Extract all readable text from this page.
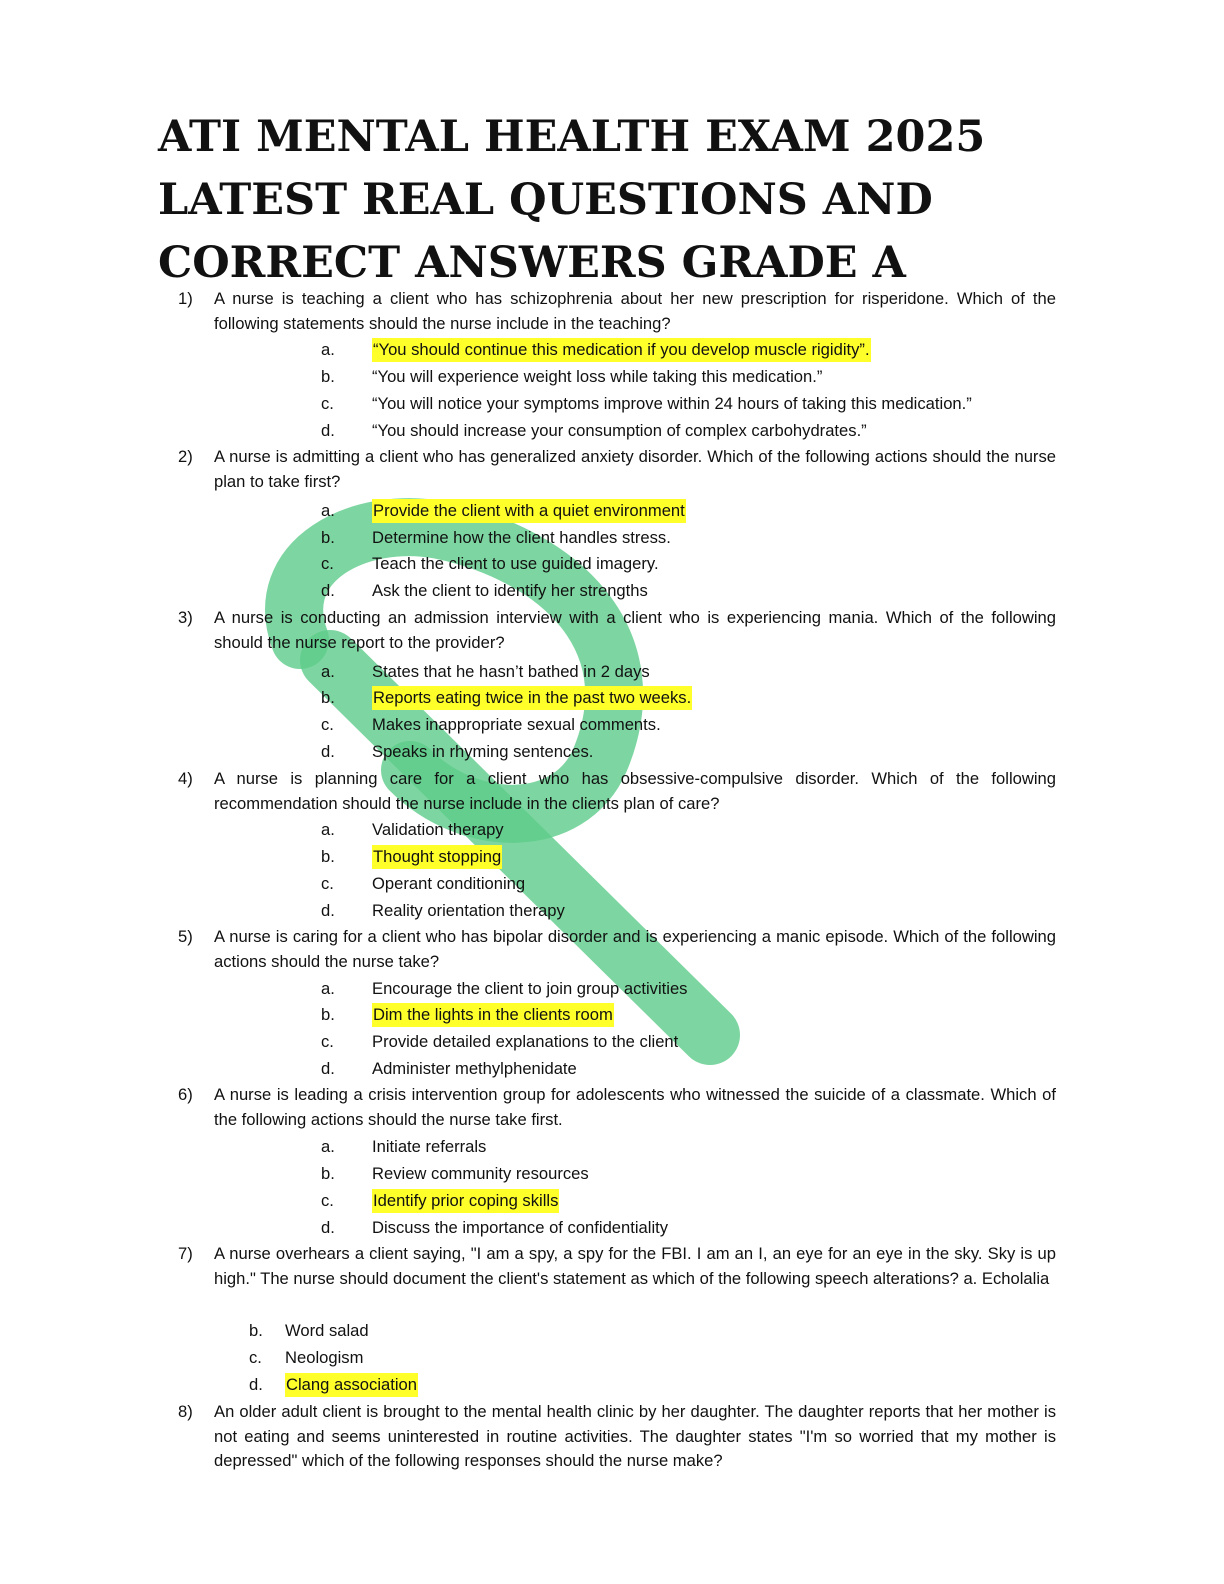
ATI MENTAL HEALTH EXAM 2025
LATEST REAL QUESTIONS AND
CORRECT ANSWERS GRADE A
1) A nurse is teaching a client who has schizophrenia about her new prescription for risperidone. Which of the following statements should the nurse include in the teaching?
a. “You should continue this medication if you develop muscle rigidity”.
b. “You will experience weight loss while taking this medication.”
c. “You will notice your symptoms improve within 24 hours of taking this medication.”
d. “You should increase your consumption of complex carbohydrates.”
2) A nurse is admitting a client who has generalized anxiety disorder. Which of the following actions should the nurse plan to take first?
a. Provide the client with a quiet environment
b. Determine how the client handles stress.
c. Teach the client to use guided imagery.
d. Ask the client to identify her strengths
3) A nurse is conducting an admission interview with a client who is experiencing mania. Which of the following should the nurse report to the provider?
a. States that he hasn’t bathed in 2 days
b. Reports eating twice in the past two weeks.
c. Makes inappropriate sexual comments.
d. Speaks in rhyming sentences.
4) A nurse is planning care for a client who has obsessive-compulsive disorder. Which of the following recommendation should the nurse include in the clients plan of care?
a. Validation therapy
b. Thought stopping
c. Operant conditioning
d. Reality orientation therapy
5) A nurse is caring for a client who has bipolar disorder and is experiencing a manic episode. Which of the following actions should the nurse take?
a. Encourage the client to join group activities
b. Dim the lights in the clients room
c. Provide detailed explanations to the client
d. Administer methylphenidate
6) A nurse is leading a crisis intervention group for adolescents who witnessed the suicide of a classmate. Which of the following actions should the nurse take first.
a. Initiate referrals
b. Review community resources
c. Identify prior coping skills
d. Discuss the importance of confidentiality
7) A nurse overhears a client saying, "I am a spy, a spy for the FBI. I am an I, an eye for an eye in the sky. Sky is up high." The nurse should document the client's statement as which of the following speech alterations? a. Echolalia
b. Word salad
c. Neologism
d. Clang association
8) An older adult client is brought to the mental health clinic by her daughter. The daughter reports that her mother is not eating and seems uninterested in routine activities. The daughter states "I'm so worried that my mother is depressed" which of the following responses should the nurse make?
